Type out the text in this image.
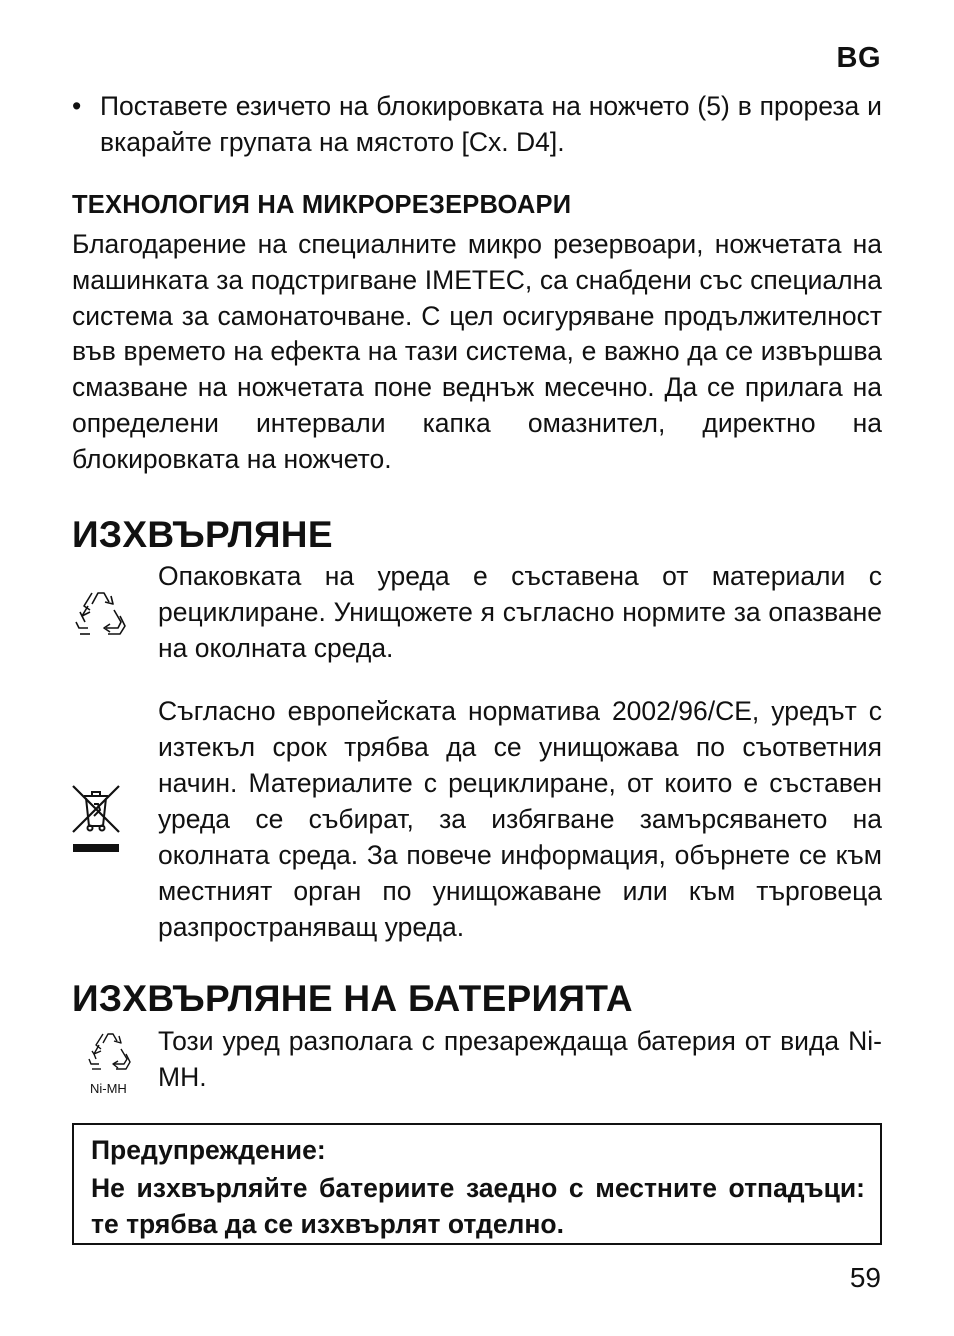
BG
• Поставете езичето на блокировката на ножчето (5) в прореза и вкарайте групата на мястото [Cx. D4].

ТЕХНОЛОГИЯ НА МИКРОРЕЗЕРВОАРИ

Благодарение на специалните микро резервоари, ножчетата на машинката за подстригване IMETEC, са снабдени със специална система за самонаточване. С цел осигуряване продължителност във времето на ефекта на тази система, е важно да се извършва смазване на ножчетата поне веднъж месечно. Да се прилага на определени интервали капка омазнител, директно на блокировката на ножчето.

ИЗХВЪРЛЯНЕ

Опаковката на уреда е съставена от материали с рециклиране. Унищожете я съгласно нормите за опазване на околната среда.

Съгласно европейската норматива 2002/96/CE, уредът с изтекъл срок трябва да се унищожава по съответния начин. Материалите с рециклиране, от които е съставен уреда се събират, за избягване замърсяването на околната среда. За повече информация, обърнете се към местният орган по унищожаване или към търговеца разпространяващ уреда.

ИЗХВЪРЛЯНЕ НА БАТЕРИЯТА
Ni-MH

Този уред разполага с презареждаща батерия от вида Ni-MH.

Предупреждение:

Не изхвърляйте батериите заедно с местните отпадъци: те трябва да се изхвърлят отделно.

59
